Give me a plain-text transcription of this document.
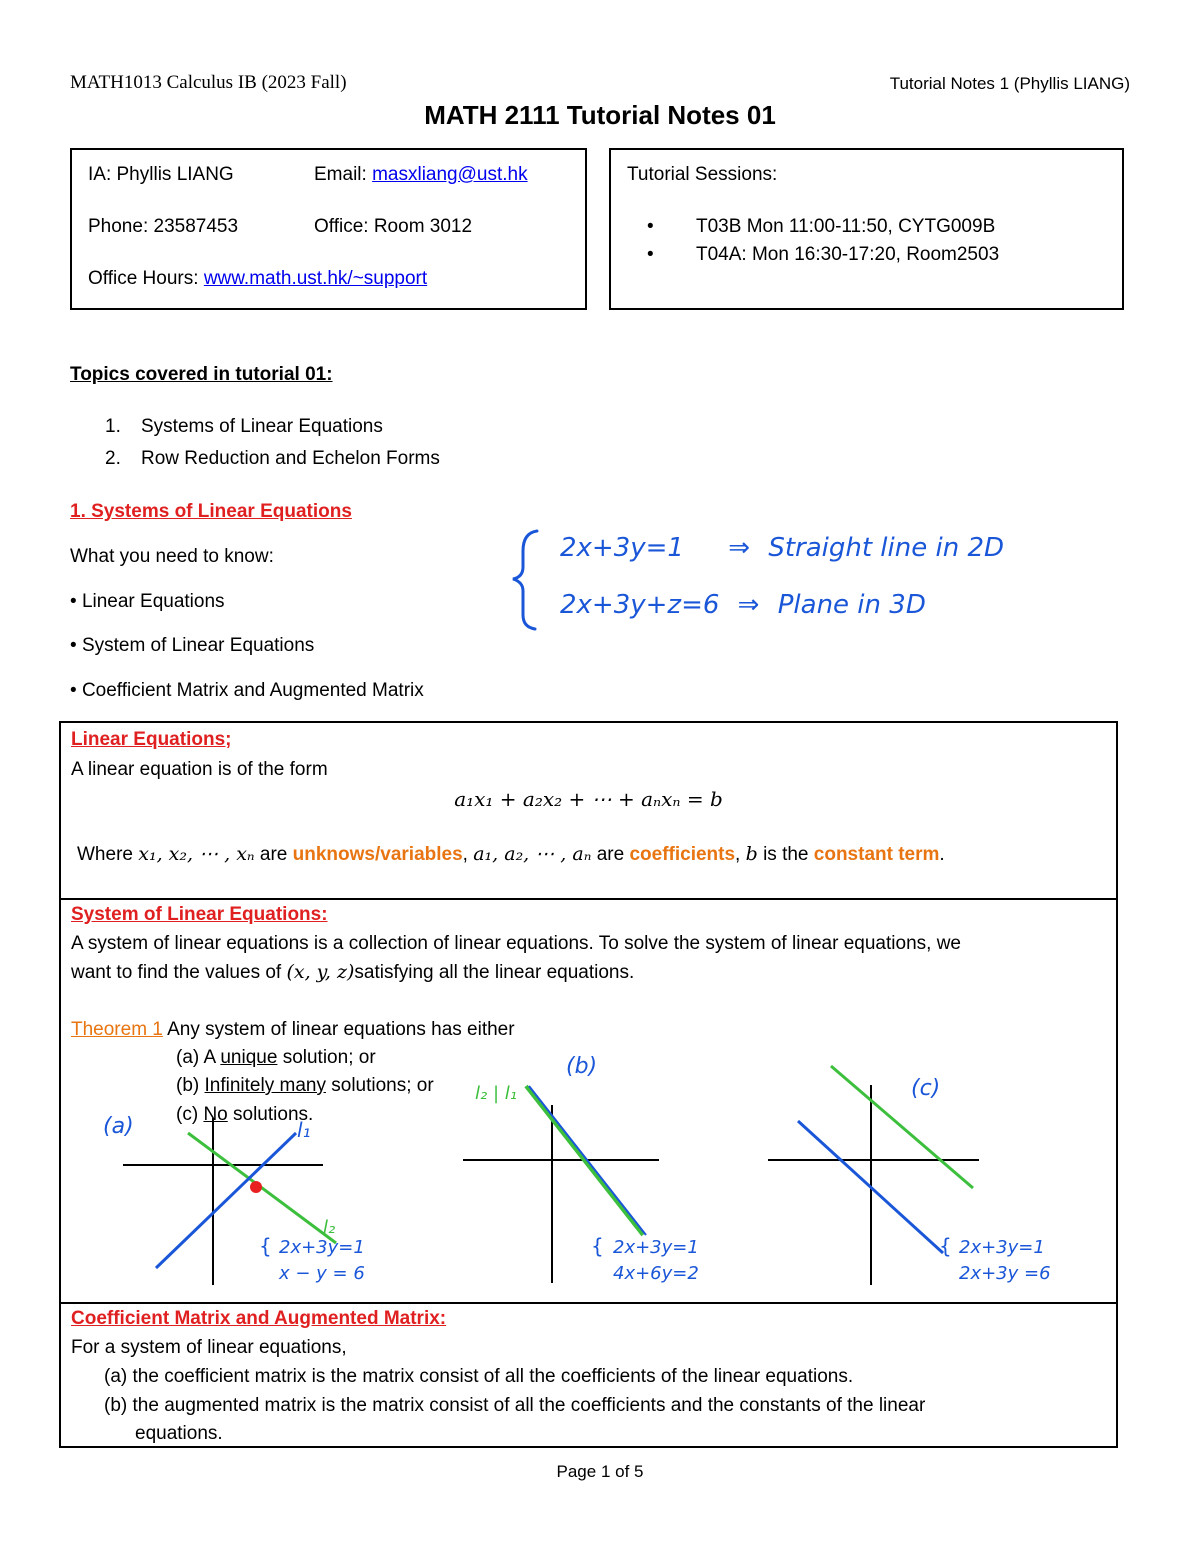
MATH1013 Calculus IB (2023 Fall)	Tutorial Notes 1 (Phyllis LIANG)
MATH 2111 Tutorial Notes 01
IA: Phyllis LIANG	Email: masxliang@ust.hk
Phone: 23587453	Office: Room 3012
Office Hours: www.math.ust.hk/~support
Tutorial Sessions:
• T03B Mon 11:00-11:50, CYTG009B
• T04A: Mon 16:30-17:20, Room2503
Topics covered in tutorial 01:
1. Systems of Linear Equations
2. Row Reduction and Echelon Forms
1. Systems of Linear Equations
What you need to know:
• Linear Equations
• System of Linear Equations
• Coefficient Matrix and Augmented Matrix
2x+3y=1 ⇒ Straight line in 2D
2x+3y+z=6 ⇒ Plane in 3D
Linear Equations;
A linear equation is of the form
a₁x₁ + a₂x₂ + ⋯ + aₙxₙ = b
Where x₁, x₂, ⋯ , xₙ are unknows/variables, a₁, a₂, ⋯ , aₙ are coefficients, b is the constant term.
System of Linear Equations:
A system of linear equations is a collection of linear equations. To solve the system of linear equations, we
want to find the values of (x, y, z)satisfying all the linear equations.
Theorem 1 Any system of linear equations has either
(a) A unique solution; or
(b) Infinitely many solutions; or
(c) No solutions.
(a)	l₁
l₂
{ 2x+3y=1
x − y = 6
l₂ | l₁
(b)
{ 2x+3y=1
4x+6y=2
(c)
{ 2x+3y=1
2x+3y =6
Coefficient Matrix and Augmented Matrix:
For a system of linear equations,
(a) the coefficient matrix is the matrix consist of all the coefficients of the linear equations.
(b) the augmented matrix is the matrix consist of all the coefficients and the constants of the linear
equations.
Page 1 of 5
